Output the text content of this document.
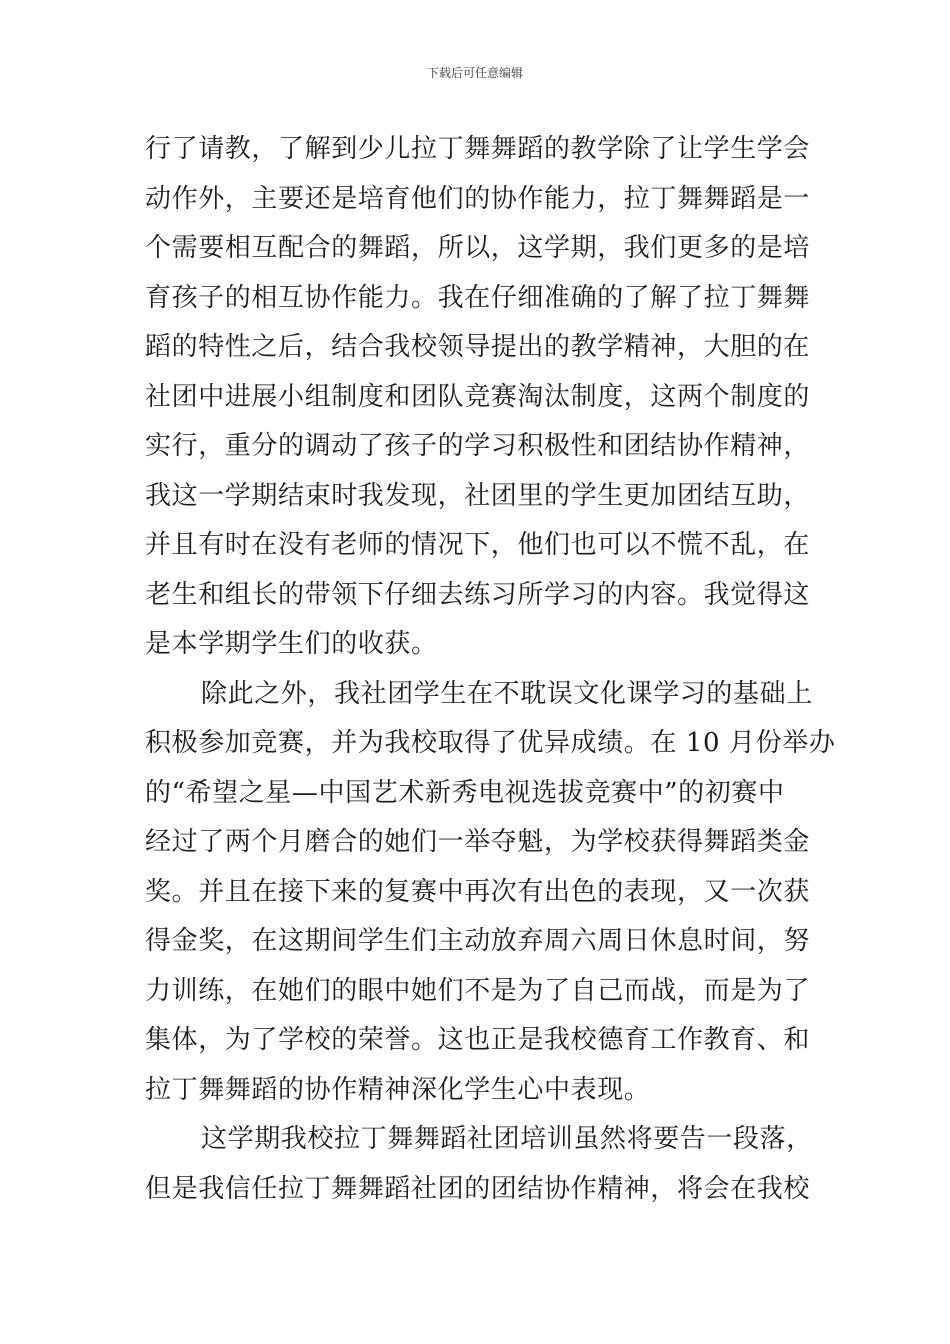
下载后可任意编辑
行了请教，了解到少儿拉丁舞舞蹈的教学除了让学生学会
动作外，主要还是培育他们的协作能力，拉丁舞舞蹈是一
个需要相互配合的舞蹈，所以，这学期，我们更多的是培
育孩子的相互协作能力。我在仔细准确的了解了拉丁舞舞
蹈的特性之后，结合我校领导提出的教学精神，大胆的在
社团中进展小组制度和团队竞赛淘汰制度，这两个制度的
实行，重分的调动了孩子的学习积极性和团结协作精神，
我这一学期结束时我发现，社团里的学生更加团结互助，
并且有时在没有老师的情况下，他们也可以不慌不乱，在
老生和组长的带领下仔细去练习所学习的内容。我觉得这
是本学期学生们的收获。
除此之外，我社团学生在不耽误文化课学习的基础上
积极参加竞赛，并为我校取得了优异成绩。在 10 月份举办
的“希望之星—中国艺术新秀电视选拔竞赛中”的初赛中
经过了两个月磨合的她们一举夺魁，为学校获得舞蹈类金
奖。并且在接下来的复赛中再次有出色的表现，又一次获
得金奖，在这期间学生们主动放弃周六周日休息时间，努
力训练，在她们的眼中她们不是为了自己而战，而是为了
集体，为了学校的荣誉。这也正是我校德育工作教育、和
拉丁舞舞蹈的协作精神深化学生心中表现。
这学期我校拉丁舞舞蹈社团培训虽然将要告一段落，
但是我信任拉丁舞舞蹈社团的团结协作精神，将会在我校
